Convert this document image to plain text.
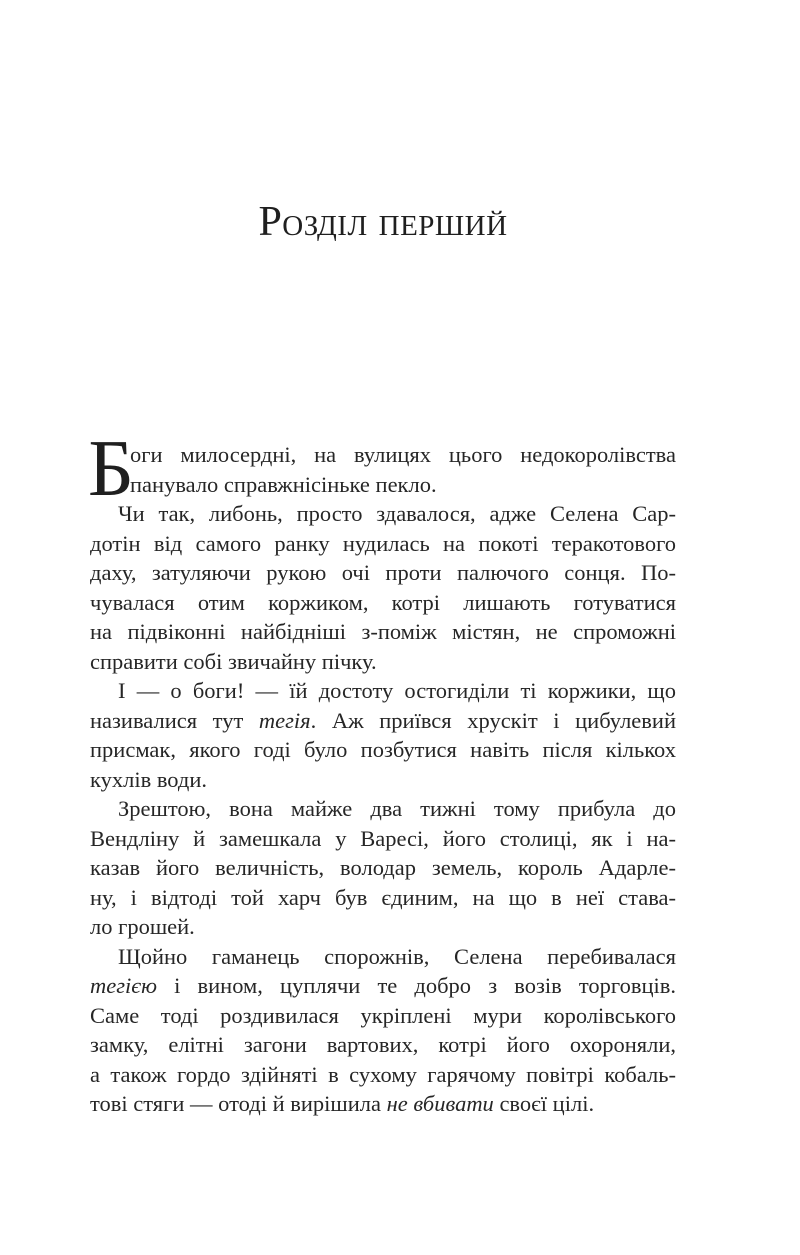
Розділ перший
Б
оги милосердні, на вулицях цього недокоролівства
панувало справжнісіньке пекло.
Чи так, либонь, просто здавалося, адже Селена Сар-
дотін від самого ранку нудилась на покоті теракотового
даху, затуляючи рукою очі проти палючого сонця. По-
чувалася отим коржиком, котрі лишають готуватися
на підвіконні найбідніші з-поміж містян, не спроможні
справити собі звичайну пічку.
І — о боги! — їй достоту остогиділи ті коржики, що
називалися тут тегія. Аж приївся хрускіт і цибулевий
присмак, якого годі було позбутися навіть після кількох
кухлів води.
Зрештою, вона майже два тижні тому прибула до
Вендліну й замешкала у Варесі, його столиці, як і на-
казав його величність, володар земель, король Адарле-
ну, і відтоді той харч був єдиним, на що в неї става-
ло грошей.
Щойно гаманець спорожнів, Селена перебивалася
тегією і вином, цуплячи те добро з возів торговців.
Саме тоді роздивилася укріплені мури королівського
замку, елітні загони вартових, котрі його охороняли,
а також гордо здійняті в сухому гарячому повітрі кобаль-
тові стяги — отоді й вирішила не вбивати своєї цілі.
